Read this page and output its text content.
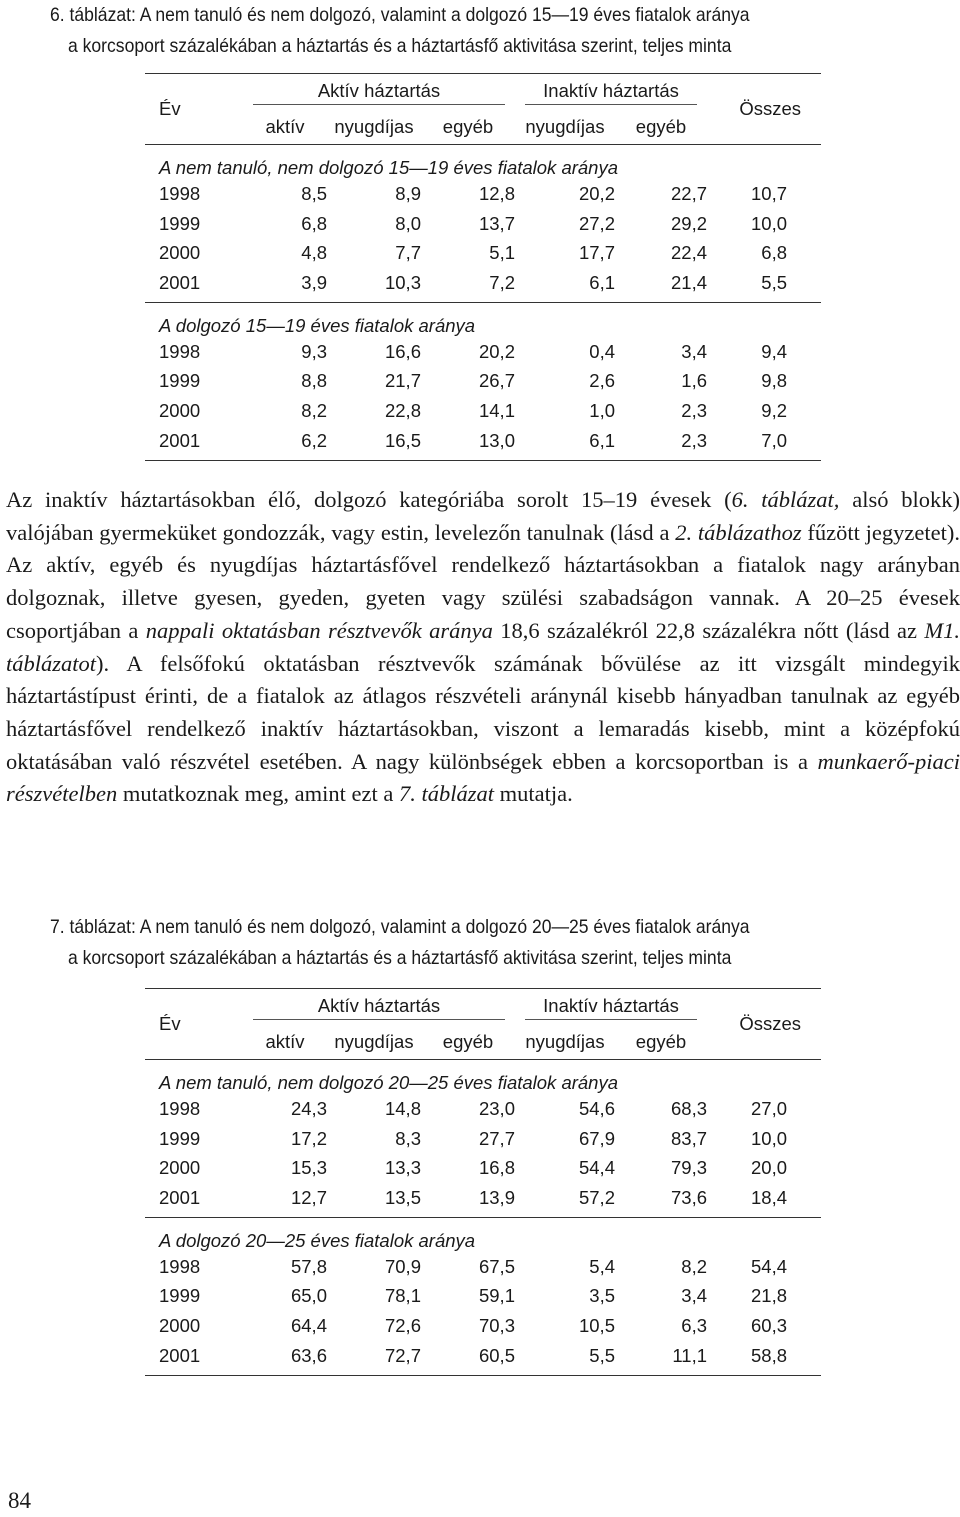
6. táblázat: A nem tanuló és nem dolgozó, valamint a dolgozó 15—19 éves fiatalok aránya
a korcsoport százalékában a háztartás és a háztartásfő aktivitása szerint, teljes minta

Év	Aktív háztartás			Inaktív háztartás		Összes
	aktív	nyugdíjas	egyéb	nyugdíjas	egyéb	
A nem tanuló, nem dolgozó 15—19 éves fiatalok aránya						
1998	8,5	8,9	12,8	20,2	22,7	10,7
1999	6,8	8,0	13,7	27,2	29,2	10,0
2000	4,8	7,7	5,1	17,7	22,4	6,8
2001	3,9	10,3	7,2	6,1	21,4	5,5
A dolgozó 15—19 éves fiatalok aránya						
1998	9,3	16,6	20,2	0,4	3,4	9,4
1999	8,8	21,7	26,7	2,6	1,6	9,8
2000	8,2	22,8	14,1	1,0	2,3	9,2
2001	6,2	16,5	13,0	6,1	2,3	7,0

Az inaktív háztartásokban élő, dolgozó kategóriába sorolt 15–19 évesek (6. táblázat, alsó blokk) valójában gyermeküket gondozzák, vagy estin, levelezőn tanulnak (lásd a 2. táblázathoz fűzött jegyzetet). Az aktív, egyéb és nyugdíjas háztartásfővel rendelkező háztartásokban a fiatalok nagy arányban dolgoznak, illetve gyesen, gyeden, gyeten vagy szülési szabadságon vannak. A 20–25 évesek csoportjában a nappali oktatásban résztvevők aránya 18,6 százalékról 22,8 százalékra nőtt (lásd az M1. táblázatot). A felsőfokú oktatásban résztvevők számának bővülése az itt vizsgált mindegyik háztartástípust érinti, de a fiatalok az átlagos részvételi aránynál kisebb hányadban tanulnak az egyéb háztartásfővel rendelkező inaktív háztartásokban, viszont a lemaradás kisebb, mint a középfokú oktatásában való részvétel esetében. A nagy különbségek ebben a korcsoportban is a munkaerő-piaci részvételben mutatkoznak meg, amint ezt a 7. táblázat mutatja.

7. táblázat: A nem tanuló és nem dolgozó, valamint a dolgozó 20—25 éves fiatalok aránya
a korcsoport százalékában a háztartás és a háztartásfő aktivitása szerint, teljes minta

Év	Aktív háztartás			Inaktív háztartás		Összes
	aktív	nyugdíjas	egyéb	nyugdíjas	egyéb	
A nem tanuló, nem dolgozó 20—25 éves fiatalok aránya						
1998	24,3	14,8	23,0	54,6	68,3	27,0
1999	17,2	8,3	27,7	67,9	83,7	10,0
2000	15,3	13,3	16,8	54,4	79,3	20,0
2001	12,7	13,5	13,9	57,2	73,6	18,4
A dolgozó 20—25 éves fiatalok aránya						
1998	57,8	70,9	67,5	5,4	8,2	54,4
1999	65,0	78,1	59,1	3,5	3,4	21,8
2000	64,4	72,6	70,3	10,5	6,3	60,3
2001	63,6	72,7	60,5	5,5	11,1	58,8
84
